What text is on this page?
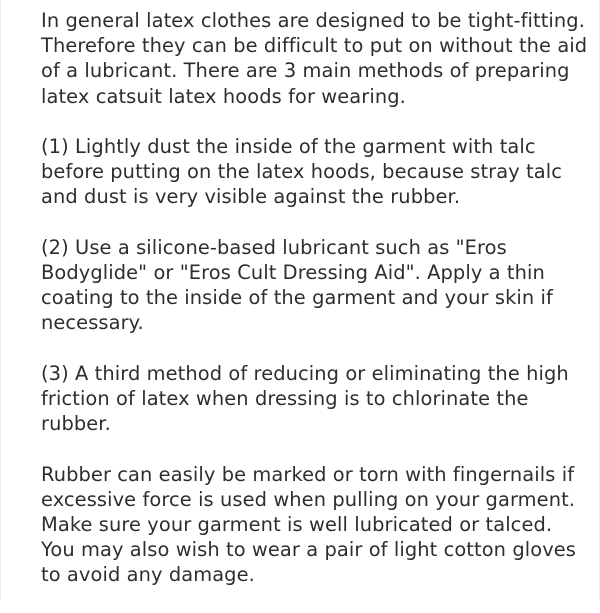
In general latex clothes are designed to be tight-fitting.
Therefore they can be difficult to put on without the aid
of a lubricant. There are 3 main methods of preparing
latex catsuit latex hoods for wearing.

(1) Lightly dust the inside of the garment with talc
before putting on the latex hoods, because stray talc
and dust is very visible against the rubber.

(2) Use a silicone-based lubricant such as "Eros
Bodyglide" or "Eros Cult Dressing Aid". Apply a thin
coating to the inside of the garment and your skin if
necessary.

(3) A third method of reducing or eliminating the high
friction of latex when dressing is to chlorinate the
rubber.

Rubber can easily be marked or torn with fingernails if
excessive force is used when pulling on your garment.
Make sure your garment is well lubricated or talced.
You may also wish to wear a pair of light cotton gloves
to avoid any damage.
